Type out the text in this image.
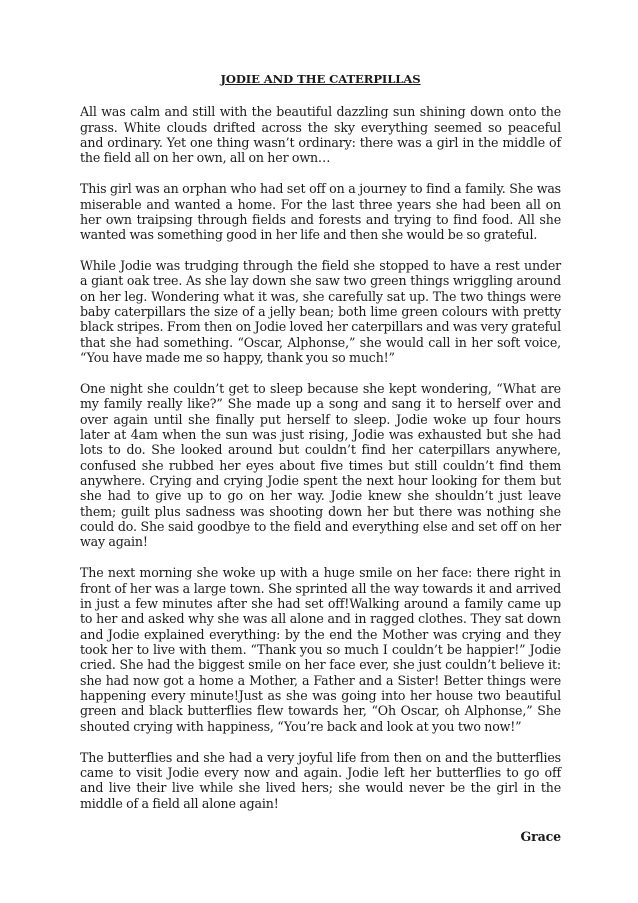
JODIE AND THE CATERPILLAS

All was calm and still with the beautiful dazzling sun shining down onto the grass. White clouds drifted across the sky everything seemed so peaceful and ordinary. Yet one thing wasn’t ordinary: there was a girl in the middle of the field all on her own, all on her own…

This girl was an orphan who had set off on a journey to find a family. She was miserable and wanted a home. For the last three years she had been all on her own traipsing through fields and forests and trying to find food. All she wanted was something good in her life and then she would be so grateful.

While Jodie was trudging through the field she stopped to have a rest under a giant oak tree. As she lay down she saw two green things wriggling around on her leg. Wondering what it was, she carefully sat up. The two things were baby caterpillars the size of a jelly bean; both lime green colours with pretty black stripes. From then on Jodie loved her caterpillars and was very grateful that she had something. “Oscar, Alphonse,” she would call in her soft voice, “You have made me so happy, thank you so much!”

One night she couldn’t get to sleep because she kept wondering, “What are my family really like?” She made up a song and sang it to herself over and over again until she finally put herself to sleep. Jodie woke up four hours later at 4am when the sun was just rising, Jodie was exhausted but she had lots to do. She looked around but couldn’t find her caterpillars anywhere, confused she rubbed her eyes about five times but still couldn’t find them anywhere. Crying and crying Jodie spent the next hour looking for them but she had to give up to go on her way. Jodie knew she shouldn’t just leave them; guilt plus sadness was shooting down her but there was nothing she could do. She said goodbye to the field and everything else and set off on her way again!

The next morning she woke up with a huge smile on her face: there right in front of her was a large town. She sprinted all the way towards it and arrived in just a few minutes after she had set off!Walking around a family came up to her and asked why she was all alone and in ragged clothes. They sat down and Jodie explained everything: by the end the Mother was crying and they took her to live with them. “Thank you so much I couldn’t be happier!” Jodie cried. She had the biggest smile on her face ever, she just couldn’t believe it: she had now got a home a Mother, a Father and a Sister! Better things were happening every minute!Just as she was going into her house two beautiful green and black butterflies flew towards her, “Oh Oscar, oh Alphonse,” She shouted crying with happiness, “You’re back and look at you two now!”

The butterflies and she had a very joyful life from then on and the butterflies came to visit Jodie every now and again. Jodie left her butterflies to go off and live their live while she lived hers; she would never be the girl in the middle of a field all alone again!

Grace
